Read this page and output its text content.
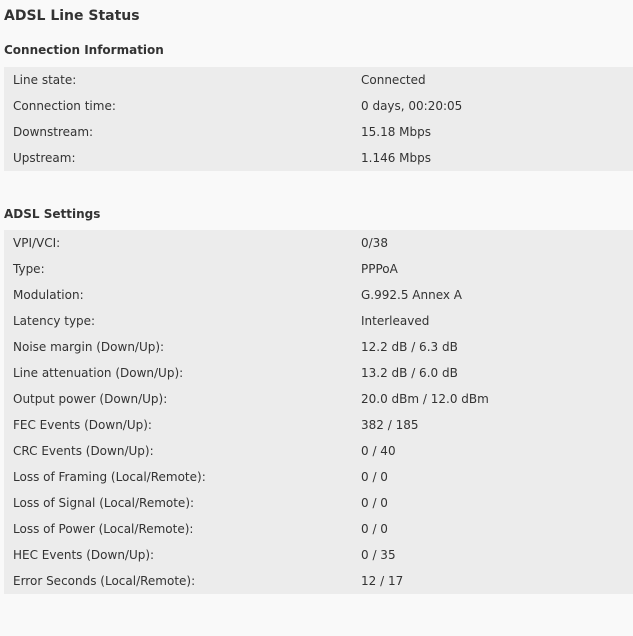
ADSL Line Status
Connection Information
Line state:	Connected
Connection time:	0 days, 00:20:05
Downstream:	15.18 Mbps
Upstream:	1.146 Mbps
ADSL Settings
VPI/VCI:	0/38
Type:	PPPoA
Modulation:	G.992.5 Annex A
Latency type:	Interleaved
Noise margin (Down/Up):	12.2 dB / 6.3 dB
Line attenuation (Down/Up):	13.2 dB / 6.0 dB
Output power (Down/Up):	20.0 dBm / 12.0 dBm
FEC Events (Down/Up):	382 / 185
CRC Events (Down/Up):	0 / 40
Loss of Framing (Local/Remote):	0 / 0
Loss of Signal (Local/Remote):	0 / 0
Loss of Power (Local/Remote):	0 / 0
HEC Events (Down/Up):	0 / 35
Error Seconds (Local/Remote):	12 / 17
